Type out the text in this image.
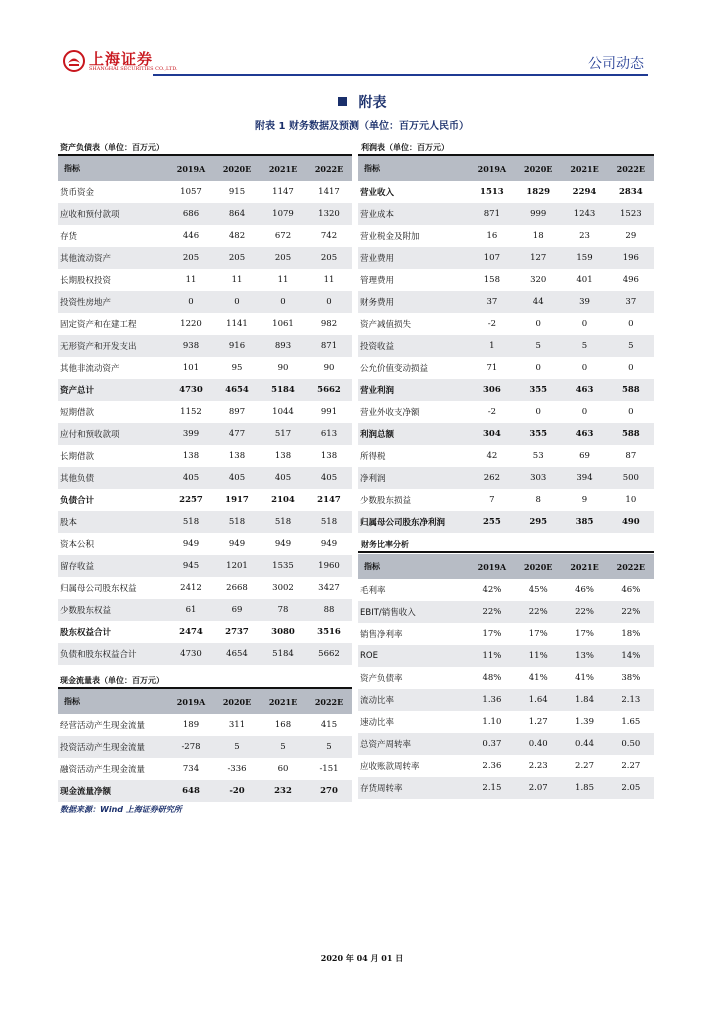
上海证券
SHANGHAI SECURITIES CO.,LTD.	公司动态
附表
附表 1 财务数据及预测（单位：百万元人民币）
资产负债表（单位：百万元）	利润表（单位：百万元）
现金流量表（单位：百万元）
财务比率分析
指标	2019A	2020E	2021E	2022E
货币资金	1057	915	1147	1417
应收和预付款项	686	864	1079	1320
存货	446	482	672	742
其他流动资产	205	205	205	205
长期股权投资	11	11	11	11
投资性房地产	0	0	0	0
固定资产和在建工程	1220	1141	1061	982
无形资产和开发支出	938	916	893	871
其他非流动资产	101	95	90	90
资产总计	4730	4654	5184	5662
短期借款	1152	897	1044	991
应付和预收款项	399	477	517	613
长期借款	138	138	138	138
其他负债	405	405	405	405
负债合计	2257	1917	2104	2147
股本	518	518	518	518
资本公积	949	949	949	949
留存收益	945	1201	1535	1960
归属母公司股东权益	2412	2668	3002	3427
少数股东权益	61	69	78	88
股东权益合计	2474	2737	3080	3516
负债和股东权益合计	4730	4654	5184	5662
指标	2019A	2020E	2021E	2022E
营业收入	1513	1829	2294	2834
营业成本	871	999	1243	1523
营业税金及附加	16	18	23	29
营业费用	107	127	159	196
管理费用	158	320	401	496
财务费用	37	44	39	37
资产减值损失	-2	0	0	0
投资收益	1	5	5	5
公允价值变动损益	71	0	0	0
营业利润	306	355	463	588
营业外收支净额	-2	0	0	0
利润总额	304	355	463	588
所得税	42	53	69	87
净利润	262	303	394	500
少数股东损益	7	8	9	10
归属母公司股东净利润	255	295	385	490
指标	2019A	2020E	2021E	2022E
经营活动产生现金流量	189	311	168	415
投资活动产生现金流量	-278	5	5	5
融资活动产生现金流量	734	-336	60	-151
现金流量净额	648	-20	232	270
指标	2019A	2020E	2021E	2022E
毛利率	42%	45%	46%	46%
EBIT/销售收入	22%	22%	22%	22%
销售净利率	17%	17%	17%	18%
ROE	11%	11%	13%	14%
资产负债率	48%	41%	41%	38%
流动比率	1.36	1.64	1.84	2.13
速动比率	1.10	1.27	1.39	1.65
总资产周转率	0.37	0.40	0.44	0.50
应收账款周转率	2.36	2.23	2.27	2.27
存货周转率	2.15	2.07	1.85	2.05
数据来源：Wind 上海证券研究所
2020 年 04 月 01 日
